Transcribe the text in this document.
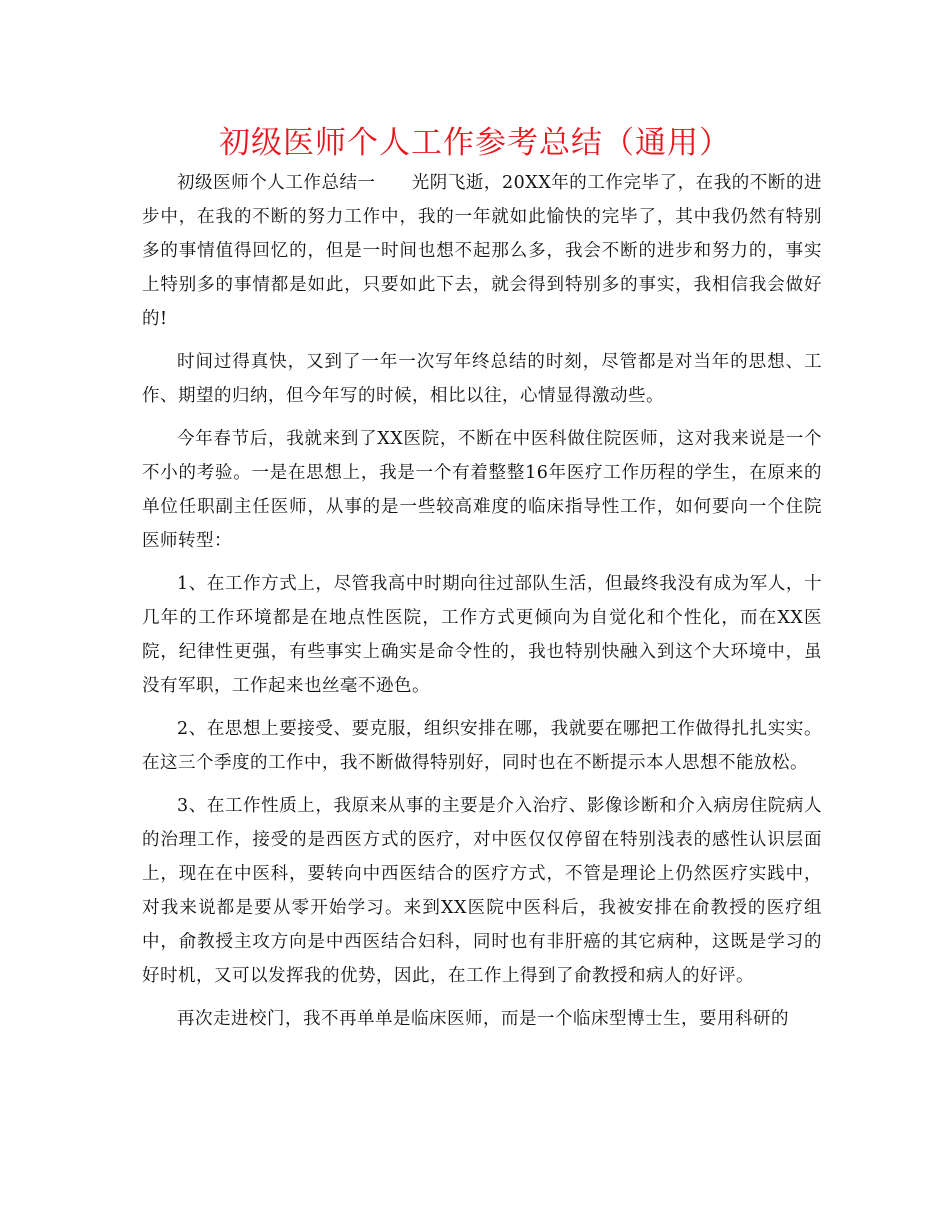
初级医师个人工作参考总结（通用）

初级医师个人工作总结一　　光阴飞逝，20XX年的工作完毕了，在我的不断的进步中，在我的不断的努力工作中，我的一年就如此愉快的完毕了，其中我仍然有特别多的事情值得回忆的，但是一时间也想不起那么多，我会不断的进步和努力的，事实上特别多的事情都是如此，只要如此下去，就会得到特别多的事实，我相信我会做好的!

时间过得真快，又到了一年一次写年终总结的时刻，尽管都是对当年的思想、工作、期望的归纳，但今年写的时候，相比以往，心情显得激动些。

今年春节后，我就来到了XX医院，不断在中医科做住院医师，这对我来说是一个不小的考验。一是在思想上，我是一个有着整整16年医疗工作历程的学生，在原来的单位任职副主任医师，从事的是一些较高难度的临床指导性工作，如何要向一个住院医师转型：

1、在工作方式上，尽管我高中时期向往过部队生活，但最终我没有成为军人，十几年的工作环境都是在地点性医院，工作方式更倾向为自觉化和个性化，而在XX医院，纪律性更强，有些事实上确实是命令性的，我也特别快融入到这个大环境中，虽没有军职，工作起来也丝毫不逊色。

2、在思想上要接受、要克服，组织安排在哪，我就要在哪把工作做得扎扎实实。在这三个季度的工作中，我不断做得特别好，同时也在不断提示本人思想不能放松。

3、在工作性质上，我原来从事的主要是介入治疗、影像诊断和介入病房住院病人的治理工作，接受的是西医方式的医疗，对中医仅仅停留在特别浅表的感性认识层面上，现在在中医科，要转向中西医结合的医疗方式，不管是理论上仍然医疗实践中，对我来说都是要从零开始学习。来到XX医院中医科后，我被安排在俞教授的医疗组中，俞教授主攻方向是中西医结合妇科，同时也有非肝癌的其它病种，这既是学习的好时机，又可以发挥我的优势，因此，在工作上得到了俞教授和病人的好评。

再次走进校门，我不再单单是临床医师，而是一个临床型博士生，要用科研的
